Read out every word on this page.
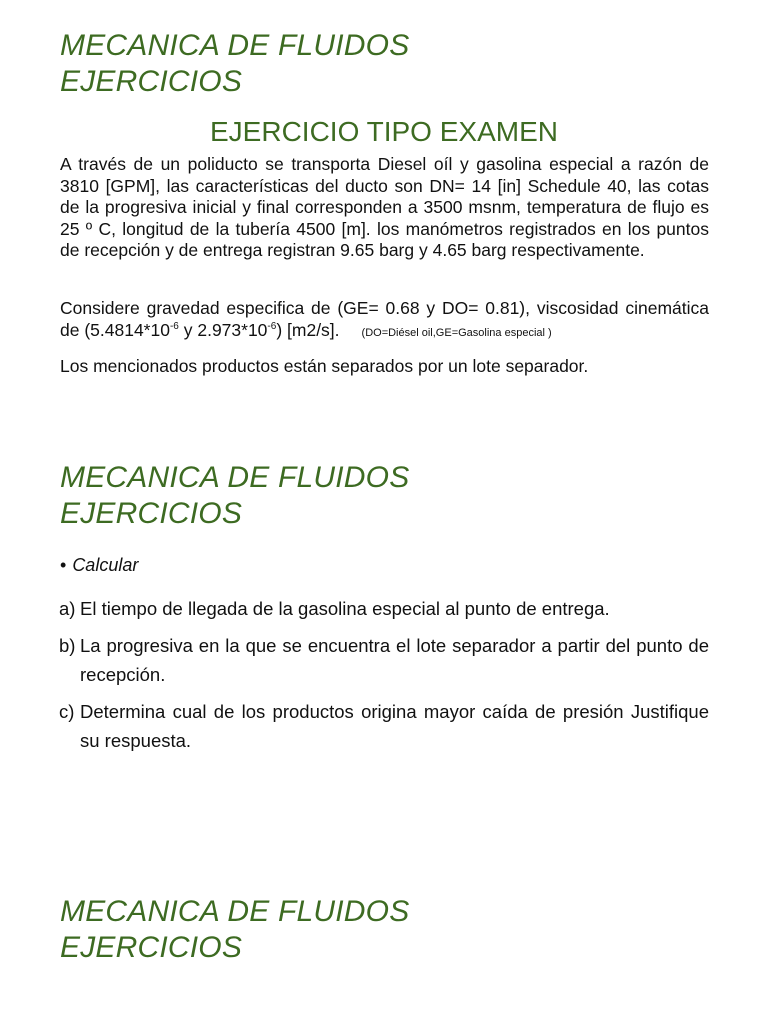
MECANICA DE FLUIDOS
EJERCICIOS
EJERCICIO TIPO EXAMEN

A través de un poliducto se transporta Diesel oíl y gasolina especial a razón de 3810 [GPM], las características del ducto son DN= 14 [in] Schedule 40, las cotas de la progresiva inicial y final corresponden a 3500 msnm, temperatura de flujo es 25 º C, longitud de la tubería 4500 [m]. los manómetros registrados en los puntos de recepción y de entrega registran 9.65 barg y 4.65 barg respectivamente.

Considere gravedad especifica de (GE= 0.68 y DO= 0.81), viscosidad cinemática de ($5.4814*10^{-6}$ y $2.973*10^{-6}$) [m2/s]. (DO=Diésel oil,GE=Gasolina especial )

Los mencionados productos están separados por un lote separador.

MECANICA DE FLUIDOS
EJERCICIOS
• Calcular
a) El tiempo de llegada de la gasolina especial al punto de entrega.
b) La progresiva en la que se encuentra el lote separador a partir del punto de recepción.
c) Determina cual de los productos origina mayor caída de presión Justifique su respuesta.
MECANICA DE FLUIDOS
EJERCICIOS
